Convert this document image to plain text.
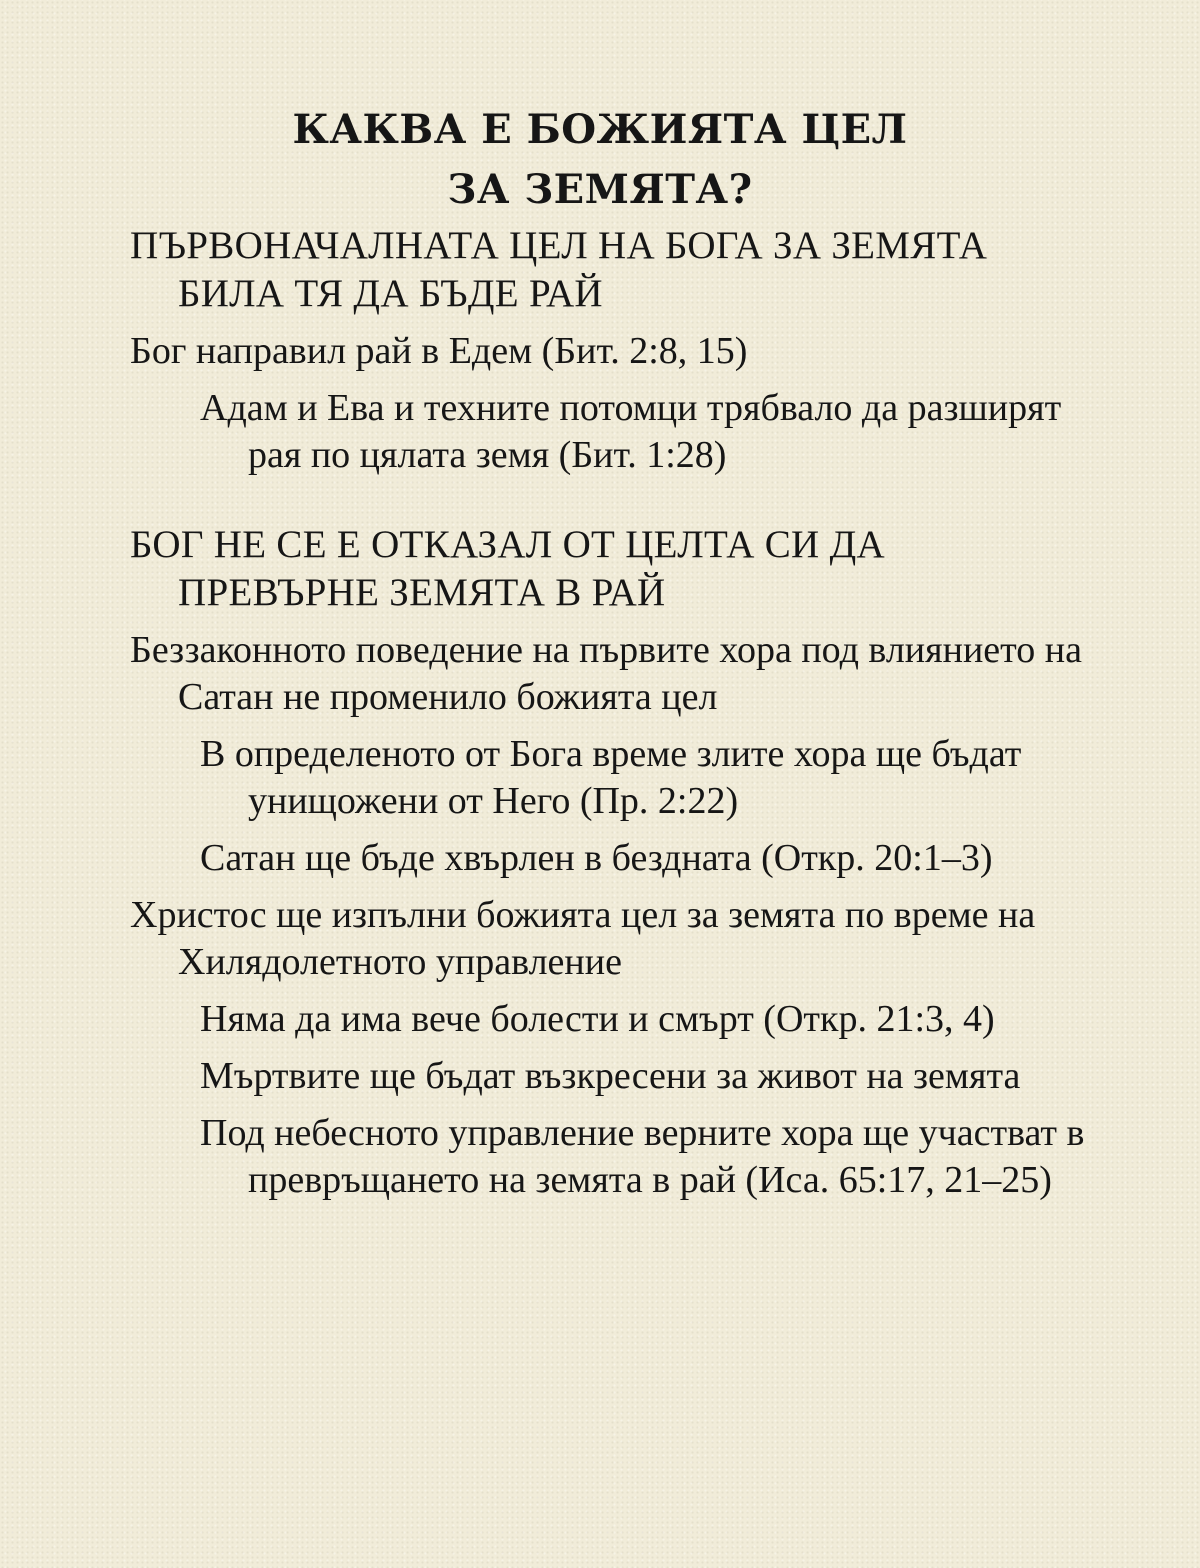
КАКВА Е БОЖИЯТА ЦЕЛ
ЗА ЗЕМЯТА?

ПЪРВОНАЧАЛНАТА ЦЕЛ НА БОГА ЗА ЗЕМЯТА БИЛА ТЯ ДА БЪДЕ РАЙ

Бог направил рай в Едем (Бит. 2:8, 15)

Адам и Ева и техните потомци трябвало да разширят рая по цялата земя (Бит. 1:28)

БОГ НЕ СЕ Е ОТКАЗАЛ ОТ ЦЕЛТА СИ ДА ПРЕВЪРНЕ ЗЕМЯТА В РАЙ

Беззаконното поведение на първите хора под влиянието на Сатан не променило божията цел

В определеното от Бога време злите хора ще бъдат унищожени от Него (Пр. 2:22)

Сатан ще бъде хвърлен в бездната (Откр. 20:1–3)

Христос ще изпълни божията цел за земята по време на Хилядолетното управление

Няма да има вече болести и смърт (Откр. 21:3, 4)

Мъртвите ще бъдат възкресени за живот на земята

Под небесното управление верните хора ще участват в превръщането на земята в рай (Иса. 65:17, 21–25)
